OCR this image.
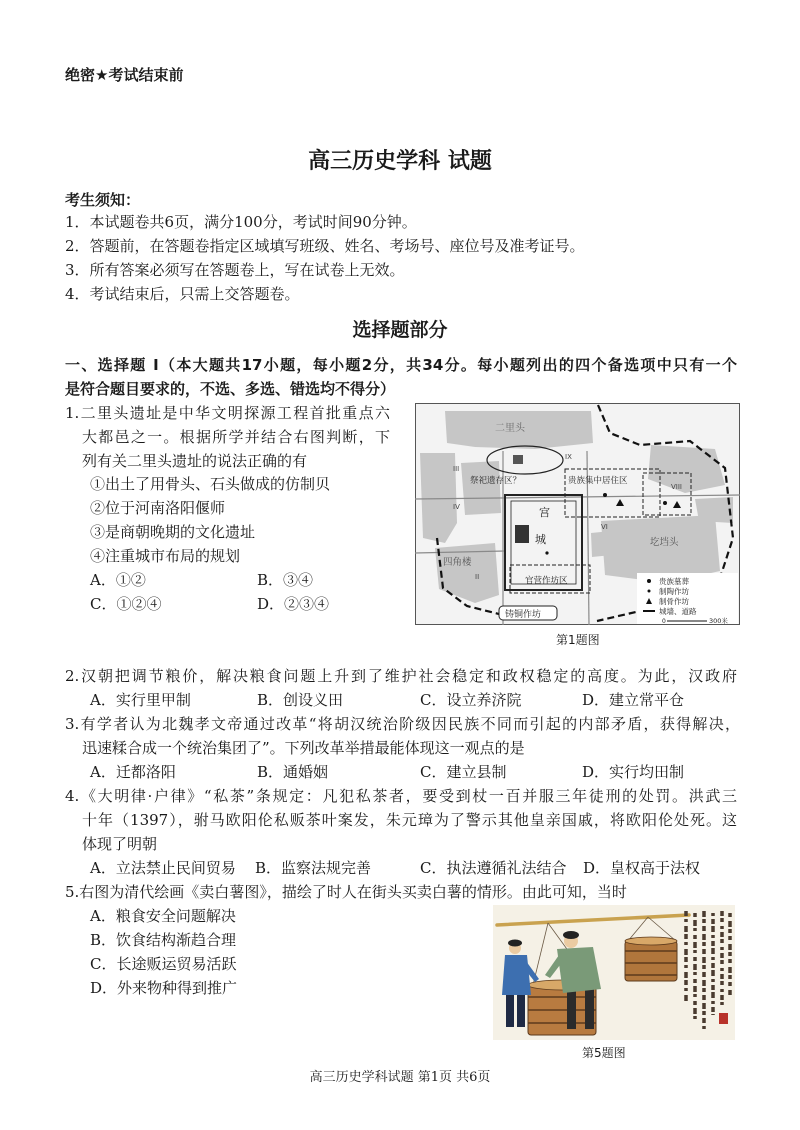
绝密★考试结束前
高三历史学科 试题
考生须知：
1．本试题卷共6页，满分100分，考试时间90分钟。
2．答题前，在答题卷指定区域填写班级、姓名、考场号、座位号及准考证号。
3．所有答案必须写在答题卷上，写在试卷上无效。
4．考试结束后，只需上交答题卷。
选择题部分
一、选择题 I（本大题共17小题，每小题2分，共34分。每小题列出的四个备选项中只有一个
是符合题目要求的，不选、多选、错选均不得分）
1.二里头遗址是中华文明探源工程首批重点六
大都邑之一。根据所学并结合右图判断，下
列有关二里头遗址的说法正确的有
①出土了用骨头、石头做成的仿制贝
②位于河南洛阳偃师
③是商朝晚期的文化遗址
④注重城市布局的规划
A．①②	B．③④
C．①②④	D．②③④
二里头
祭祀遗存区？	贵族集中居住区
宫
城
官营作坊区
铸铜作坊
四角楼
圪垱头
III
IV
IX
VIII
VI
II	贵族墓葬
制陶作坊
制骨作坊
城墙、道路
0	300米
第1题图
2.汉朝把调节粮价，解决粮食问题上升到了维护社会稳定和政权稳定的高度。为此，汉政府
A．实行里甲制	B．创设义田	C．设立养济院	D．建立常平仓
3.有学者认为北魏孝文帝通过改革“将胡汉统治阶级因民族不同而引起的内部矛盾，获得解决，
迅速糅合成一个统治集团了”。下列改革举措最能体现这一观点的是
A．迁都洛阳	B．通婚姻	C．建立县制	D．实行均田制
4.《大明律·户律》“私茶”条规定：凡犯私茶者，要受到杖一百并服三年徒刑的处罚。洪武三
十年（1397），驸马欧阳伦私贩茶叶案发，朱元璋为了警示其他皇亲国戚，将欧阳伦处死。这
体现了明朝
A．立法禁止民间贸易 B．监察法规完善	C．执法遵循礼法结合 D．皇权高于法权
5.右图为清代绘画《卖白薯图》，描绘了时人在街头买卖白薯的情形。由此可知，当时
A．粮食安全问题解决
B．饮食结构渐趋合理
C．长途贩运贸易活跃
D．外来物种得到推广
第5题图
高三历史学科试题 第1页 共6页
